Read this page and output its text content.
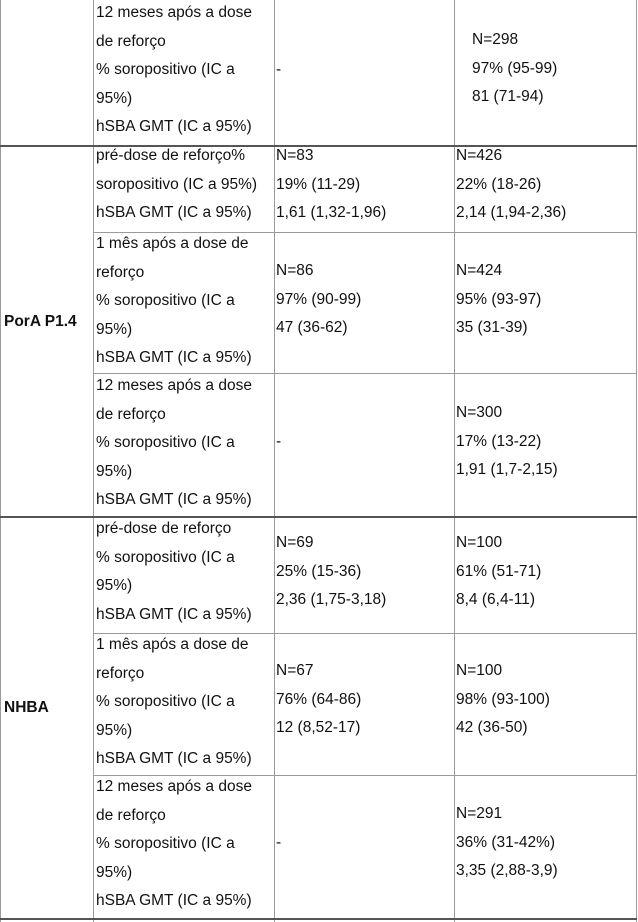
PorA P1.4
NHBA
12 meses após a dose
de reforço
% soropositivo (IC a
95%)
hSBA GMT (IC a 95%)
-
N=298
97% (95-99)
81 (71-94)
pré-dose de reforço%
soropositivo (IC a 95%)
hSBA GMT (IC a 95%)
N=83
19% (11-29)
1,61 (1,32-1,96)
N=426
22% (18-26)
2,14 (1,94-2,36)
1 mês após a dose de
reforço
% soropositivo (IC a
95%)
hSBA GMT (IC a 95%)
N=86
97% (90-99)
47 (36-62)
N=424
95% (93-97)
35 (31-39)
12 meses após a dose
de reforço
% soropositivo (IC a
95%)
hSBA GMT (IC a 95%)
-
N=300
17% (13-22)
1,91 (1,7-2,15)
pré-dose de reforço
% soropositivo (IC a
95%)
hSBA GMT (IC a 95%)
N=69
25% (15-36)
2,36 (1,75-3,18)
N=100
61% (51-71)
8,4 (6,4-11)
1 mês após a dose de
reforço
% soropositivo (IC a
95%)
hSBA GMT (IC a 95%)
N=67
76% (64-86)
12 (8,52-17)
N=100
98% (93-100)
42 (36-50)
12 meses após a dose
de reforço
% soropositivo (IC a
95%)
hSBA GMT (IC a 95%)
-
N=291
36% (31-42%)
3,35 (2,88-3,9)
